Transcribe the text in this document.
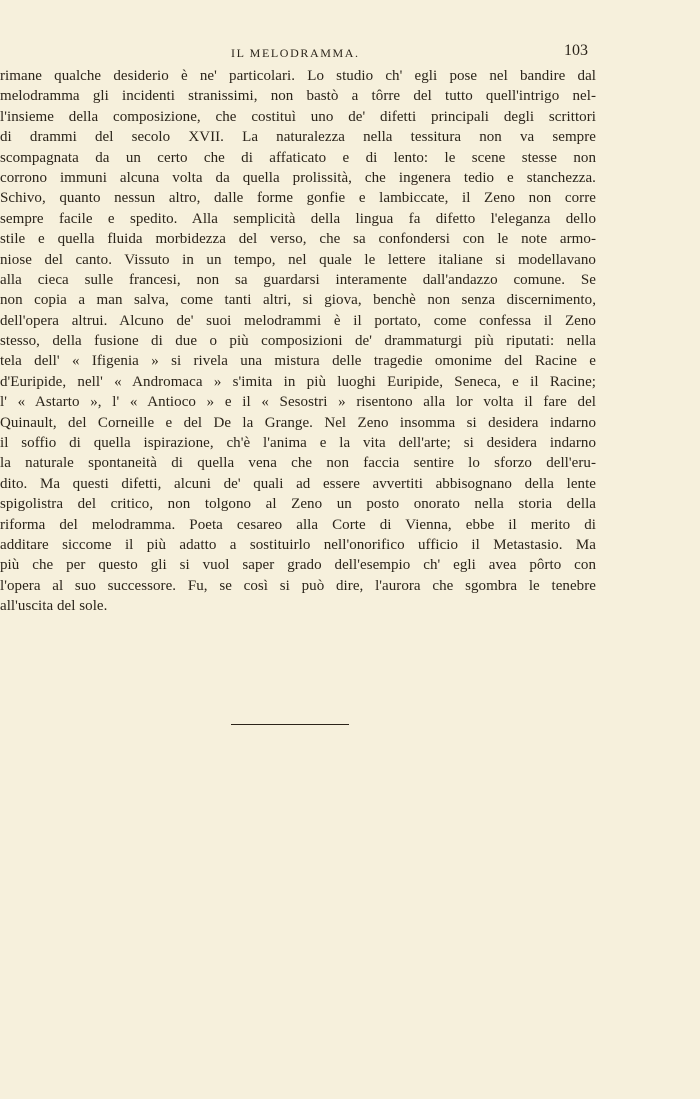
IL MELODRAMMA.	103
rimane qualche desiderio è ne' particolari. Lo studio ch' egli pose nel bandire dal
melodramma gli incidenti stranissimi, non bastò a tôrre del tutto quell'intrigo nel-
l'insieme della composizione, che costituì uno de' difetti principali degli scrittori
di drammi del secolo XVII. La naturalezza nella tessitura non va sempre
scompagnata da un certo che di affaticato e di lento: le scene stesse non
corrono immuni alcuna volta da quella prolissità, che ingenera tedio e stanchezza.
Schivo, quanto nessun altro, dalle forme gonfie e lambiccate, il Zeno non corre
sempre facile e spedito. Alla semplicità della lingua fa difetto l'eleganza dello
stile e quella fluida morbidezza del verso, che sa confondersi con le note armo-
niose del canto. Vissuto in un tempo, nel quale le lettere italiane si modellavano
alla cieca sulle francesi, non sa guardarsi interamente dall'andazzo comune. Se
non copia a man salva, come tanti altri, si giova, benchè non senza discernimento,
dell'opera altrui. Alcuno de' suoi melodrammi è il portato, come confessa il Zeno
stesso, della fusione di due o più composizioni de' drammaturgi più riputati: nella
tela dell' « Ifigenia » si rivela una mistura delle tragedie omonime del Racine e
d'Euripide, nell' « Andromaca » s'imita in più luoghi Euripide, Seneca, e il Racine;
l' « Astarto », l' « Antioco » e il « Sesostri » risentono alla lor volta il fare del
Quinault, del Corneille e del De la Grange. Nel Zeno insomma si desidera indarno
il soffio di quella ispirazione, ch'è l'anima e la vita dell'arte; si desidera indarno
la naturale spontaneità di quella vena che non faccia sentire lo sforzo dell'eru-
dito. Ma questi difetti, alcuni de' quali ad essere avvertiti abbisognano della lente
spigolistra del critico, non tolgono al Zeno un posto onorato nella storia della
riforma del melodramma. Poeta cesareo alla Corte di Vienna, ebbe il merito di
additare siccome il più adatto a sostituirlo nell'onorifico ufficio il Metastasio. Ma
più che per questo gli si vuol saper grado dell'esempio ch' egli avea pôrto con
l'opera al suo successore. Fu, se così si può dire, l'aurora che sgombra le tenebre
all'uscita del sole.
